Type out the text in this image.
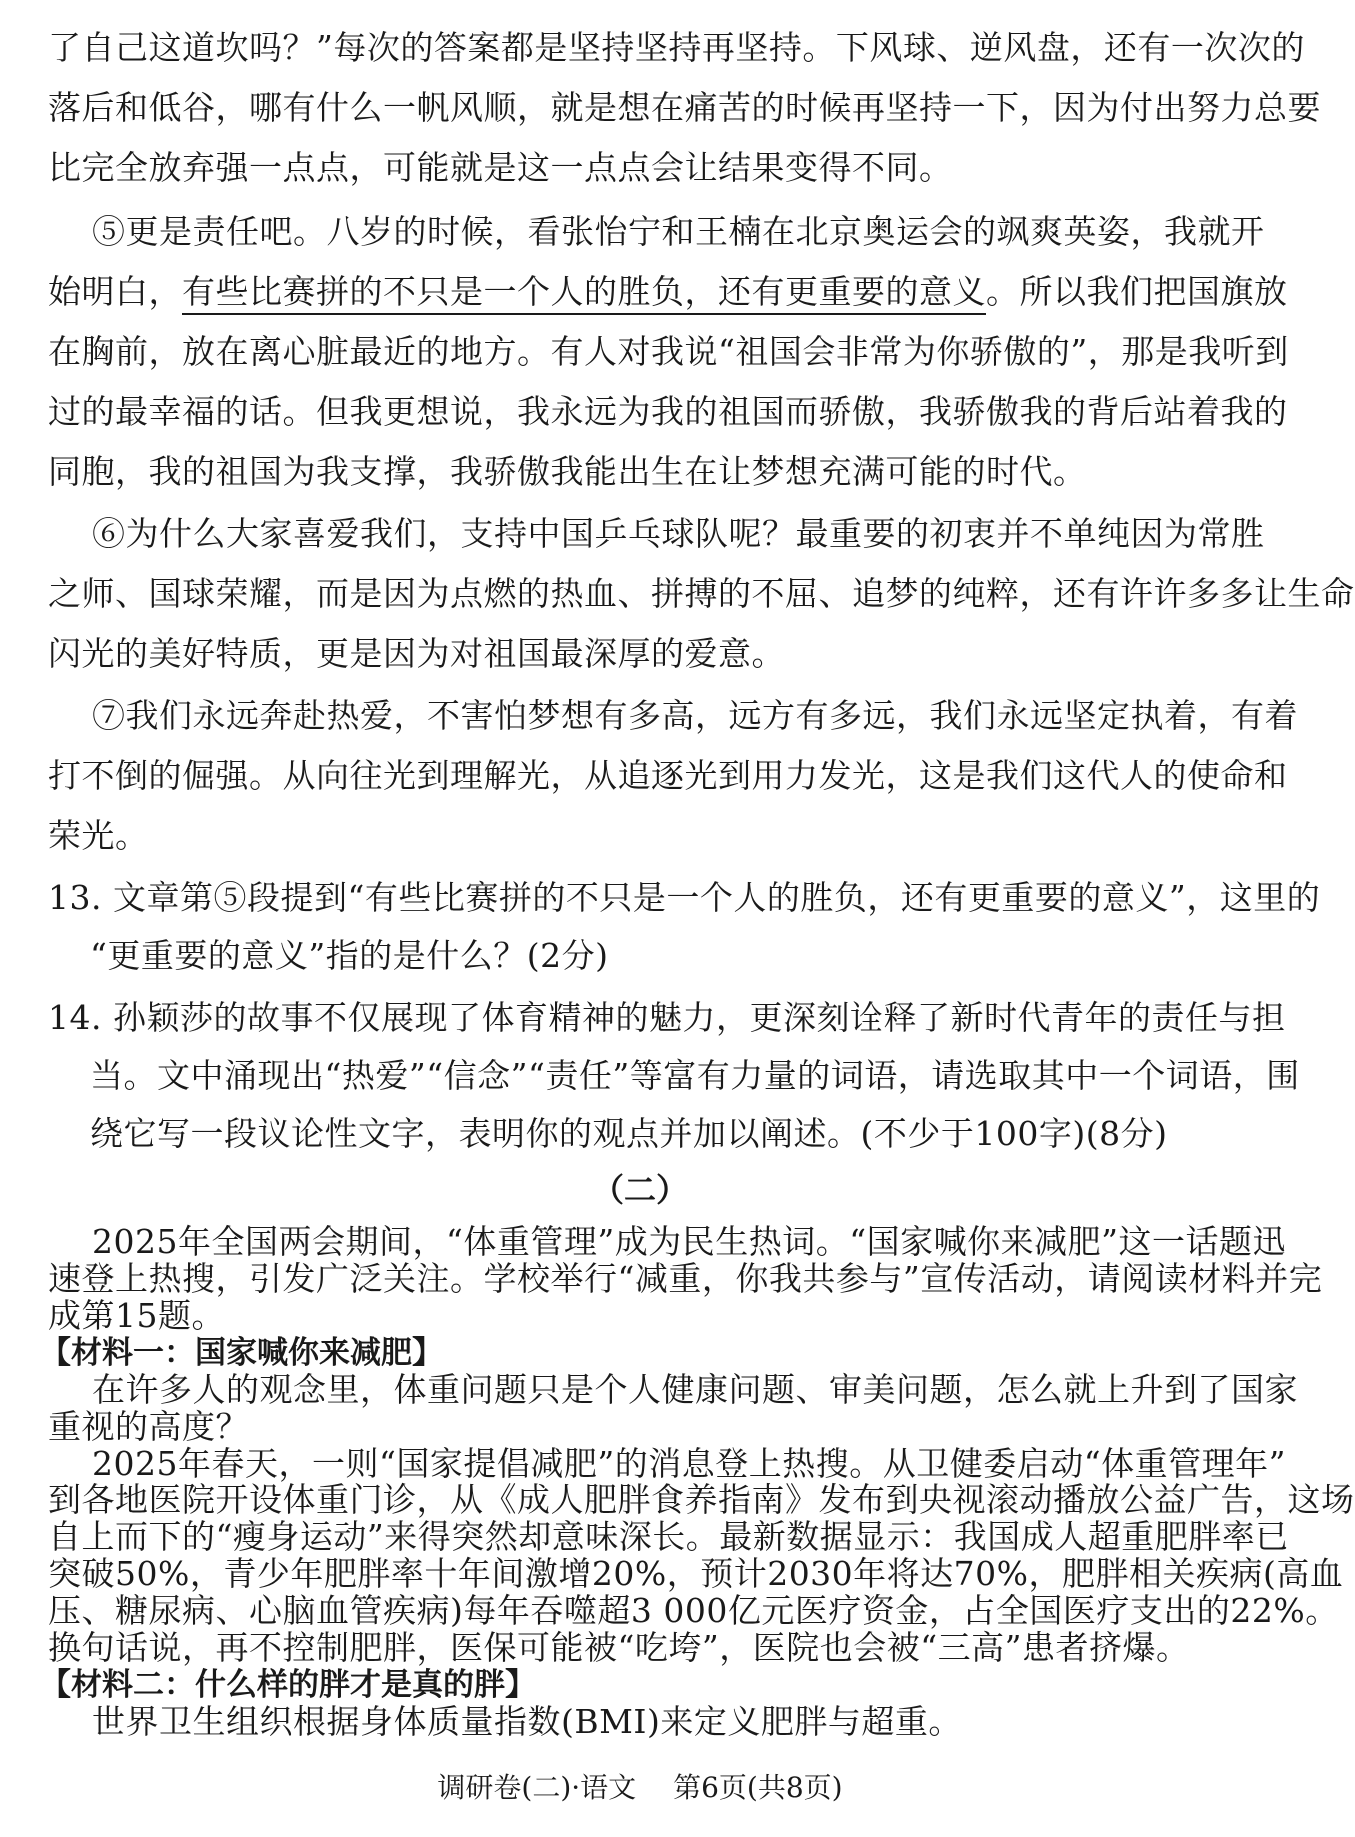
了自己这道坎吗？”每次的答案都是坚持坚持再坚持。下风球、逆风盘，还有一次次的
落后和低谷，哪有什么一帆风顺，就是想在痛苦的时候再坚持一下，因为付出努力总要
比完全放弃强一点点，可能就是这一点点会让结果变得不同。
⑤更是责任吧。八岁的时候，看张怡宁和王楠在北京奥运会的飒爽英姿，我就开
始明白，有些比赛拼的不只是一个人的胜负，还有更重要的意义。所以我们把国旗放
在胸前，放在离心脏最近的地方。有人对我说“祖国会非常为你骄傲的”，那是我听到
过的最幸福的话。但我更想说，我永远为我的祖国而骄傲，我骄傲我的背后站着我的
同胞，我的祖国为我支撑，我骄傲我能出生在让梦想充满可能的时代。
⑥为什么大家喜爱我们，支持中国乒乓球队呢？最重要的初衷并不单纯因为常胜
之师、国球荣耀，而是因为点燃的热血、拼搏的不屈、追梦的纯粹，还有许许多多让生命
闪光的美好特质，更是因为对祖国最深厚的爱意。
⑦我们永远奔赴热爱，不害怕梦想有多高，远方有多远，我们永远坚定执着，有着
打不倒的倔强。从向往光到理解光，从追逐光到用力发光，这是我们这代人的使命和
荣光。
13. 文章第⑤段提到“有些比赛拼的不只是一个人的胜负，还有更重要的意义”，这里的
“更重要的意义”指的是什么？(2分)
14. 孙颖莎的故事不仅展现了体育精神的魅力，更深刻诠释了新时代青年的责任与担
当。文中涌现出“热爱”“信念”“责任”等富有力量的词语，请选取其中一个词语，围
绕它写一段议论性文字，表明你的观点并加以阐述。(不少于100字)(8分)
（二）
2025年全国两会期间，“体重管理”成为民生热词。“国家喊你来减肥”这一话题迅
速登上热搜，引发广泛关注。学校举行“减重，你我共参与”宣传活动，请阅读材料并完
成第15题。
【材料一：国家喊你来减肥】
在许多人的观念里，体重问题只是个人健康问题、审美问题，怎么就上升到了国家
重视的高度？
2025年春天，一则“国家提倡减肥”的消息登上热搜。从卫健委启动“体重管理年”
到各地医院开设体重门诊，从《成人肥胖食养指南》发布到央视滚动播放公益广告，这场
调研卷(二)·语文 第6页(共8页)
自上而下的“瘦身运动”来得突然却意味深长。最新数据显示：我国成人超重肥胖率已
突破50%，青少年肥胖率十年间激增20%，预计2030年将达70%，肥胖相关疾病(高血
压、糖尿病、心脑血管疾病)每年吞噬超3 000亿元医疗资金，占全国医疗支出的22%。
换句话说，再不控制肥胖，医保可能被“吃垮”，医院也会被“三高”患者挤爆。
【材料二：什么样的胖才是真的胖】
世界卫生组织根据身体质量指数(BMI)来定义肥胖与超重。
